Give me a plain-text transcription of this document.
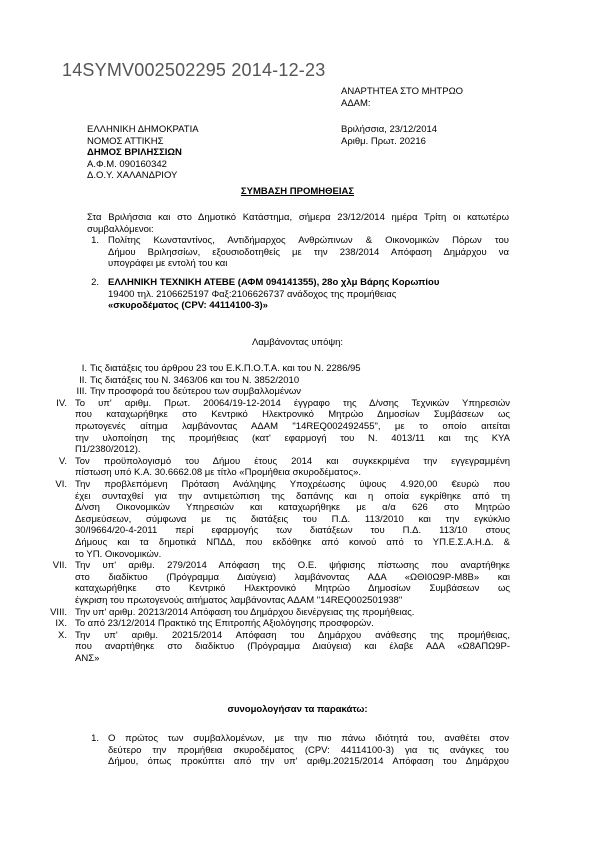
14SYMV002502295 2014-12-23
ΑΝΑΡΤΗΤΕΑ ΣΤΟ ΜΗΤΡΩΟ ΑΔΑΜ:
ΕΛΛΗΝΙΚΗ ΔΗΜΟΚΡΑΤΙΑ
ΝΟΜΟΣ ΑΤΤΙΚΗΣ
ΔΗΜΟΣ ΒΡΙΛΗΣΣΙΩΝ
Α.Φ.Μ. 090160342
Δ.Ο.Υ. ΧΑΛΑΝΔΡΙΟΥ
Βριλήσσια, 23/12/2014
Αριθμ. Πρωτ. 20216
ΣΥΜΒΑΣΗ ΠΡΟΜΗΘΕΙΑΣ
Στα Βριλήσσια και στο Δημοτικό Κατάστημα, σήμερα 23/12/2014 ημέρα Τρίτη οι κατωτέρω συμβαλλόμενοι:
1. Πολίτης Κωνσταντίνος, Αντιδήμαρχος Ανθρώπινων & Οικονομικών Πόρων του
Δήμου Βριλησσίων, εξουσιοδοτηθείς με την 238/2014 Απόφαση Δημάρχου να
υπογράφει με εντολή του και
2. ΕΛΛΗΝΙΚΗ ΤΕΧΝΙΚΗ ΑΤΕΒΕ (ΑΦΜ 094141355), 28ο χλμ Βάρης Κορωπίου
19400 τηλ. 2106625197 Φαξ:2106626737 ανάδοχος της προμήθειας
«σκυροδέματος (CPV: 44114100-3)»
Λαμβάνοντας υπόψη:
I. Τις διατάξεις του άρθρου 23 του Ε.Κ.Π.Ο.Τ.Α. και του Ν. 2286/95
II. Τις διατάξεις του Ν. 3463/06 και του Ν. 3852/2010
III. Την προσφορά του δεύτερου των συμβαλλομένων
IV. Το υπ' αριθμ. Πρωτ. 20064/19-12-2014 έγγραφο της Δ/νσης Τεχνικών Υπηρεσιών
που καταχωρήθηκε στο Κεντρικό Ηλεκτρονικό Μητρώο Δημοσίων Συμβάσεων ως
πρωτογενές αίτημα λαμβάνοντας ΑΔΑΜ "14REQ002492455", με το οποίο αιτείται
την υλοποίηση της προμήθειας (κατ' εφαρμογή του Ν. 4013/11 και της ΚΥΑ
Π1/2380/2012).
V. Τον προϋπολογισμό του Δήμου έτους 2014 και συγκεκριμένα την εγγεγραμμένη
πίστωση υπό Κ.Α. 30.6662.08 με τίτλο «Προμήθεια σκυροδέματος».
VI. Την προβλεπόμενη Πρόταση Ανάληψης Υποχρέωσης ύψους 4.920,00 €ευρώ που
έχει συνταχθεί για την αντιμετώπιση της δαπάνης και η οποία εγκρίθηκε από τη
Δ/νση Οικονομικών Υπηρεσιών και καταχωρήθηκε με α/α 626 στο Μητρώο
Δεσμεύσεων, σύμφωνα με τις διατάξεις του Π.Δ. 113/2010 και την εγκύκλιο
30/Ι9664/20-4-2011 περί εφαρμογής των διατάξεων του Π.Δ. 113/10 στους
Δήμους και τα δημοτικά ΝΠΔΔ, που εκδόθηκε από κοινού από το ΥΠ.Ε.Σ.Α.Η.Δ. &
το ΥΠ. Οικονομικών.
VII. Την υπ' αριθμ. 279/2014 Απόφαση της Ο.Ε. ψήφισης πίστωσης που αναρτήθηκε
στο διαδίκτυο (Πρόγραμμα Διαύγεια) λαμβάνοντας ΑΔΑ «ΩΘΙ0Ω9Ρ-Μ8Β» και
καταχωρήθηκε στο Κεντρικό Ηλεκτρονικό Μητρώο Δημοσίων Συμβάσεων ως
έγκριση του πρωτογενούς αιτήματος λαμβάνοντας ΑΔΑΜ "14REQ002501938"
VIII. Την υπ' αριθμ. 20213/2014 Απόφαση του Δημάρχου διενέργειας της προμήθειας.
IX. Το από 23/12/2014 Πρακτικό της Επιτροπής Αξιολόγησης προσφορών.
X. Την υπ' αριθμ. 20215/2014 Απόφαση του Δημάρχου ανάθεσης της προμήθειας,
που αναρτήθηκε στο διαδίκτυο (Πρόγραμμα Διαύγεια) και έλαβε ΑΔΑ «Ω8ΑΠΩ9Ρ-
ΑΝΣ»
συνομολογήσαν τα παρακάτω:
1. Ο πρώτος των συμβαλλομένων, με την πιο πάνω ιδιότητά του, αναθέτει στον
δεύτερο την προμήθεια σκυροδέματος (CPV: 44114100-3) για τις ανάγκες του
Δήμου, όπως προκύπτει από την υπ' αριθμ.20215/2014 Απόφαση του Δημάρχου
